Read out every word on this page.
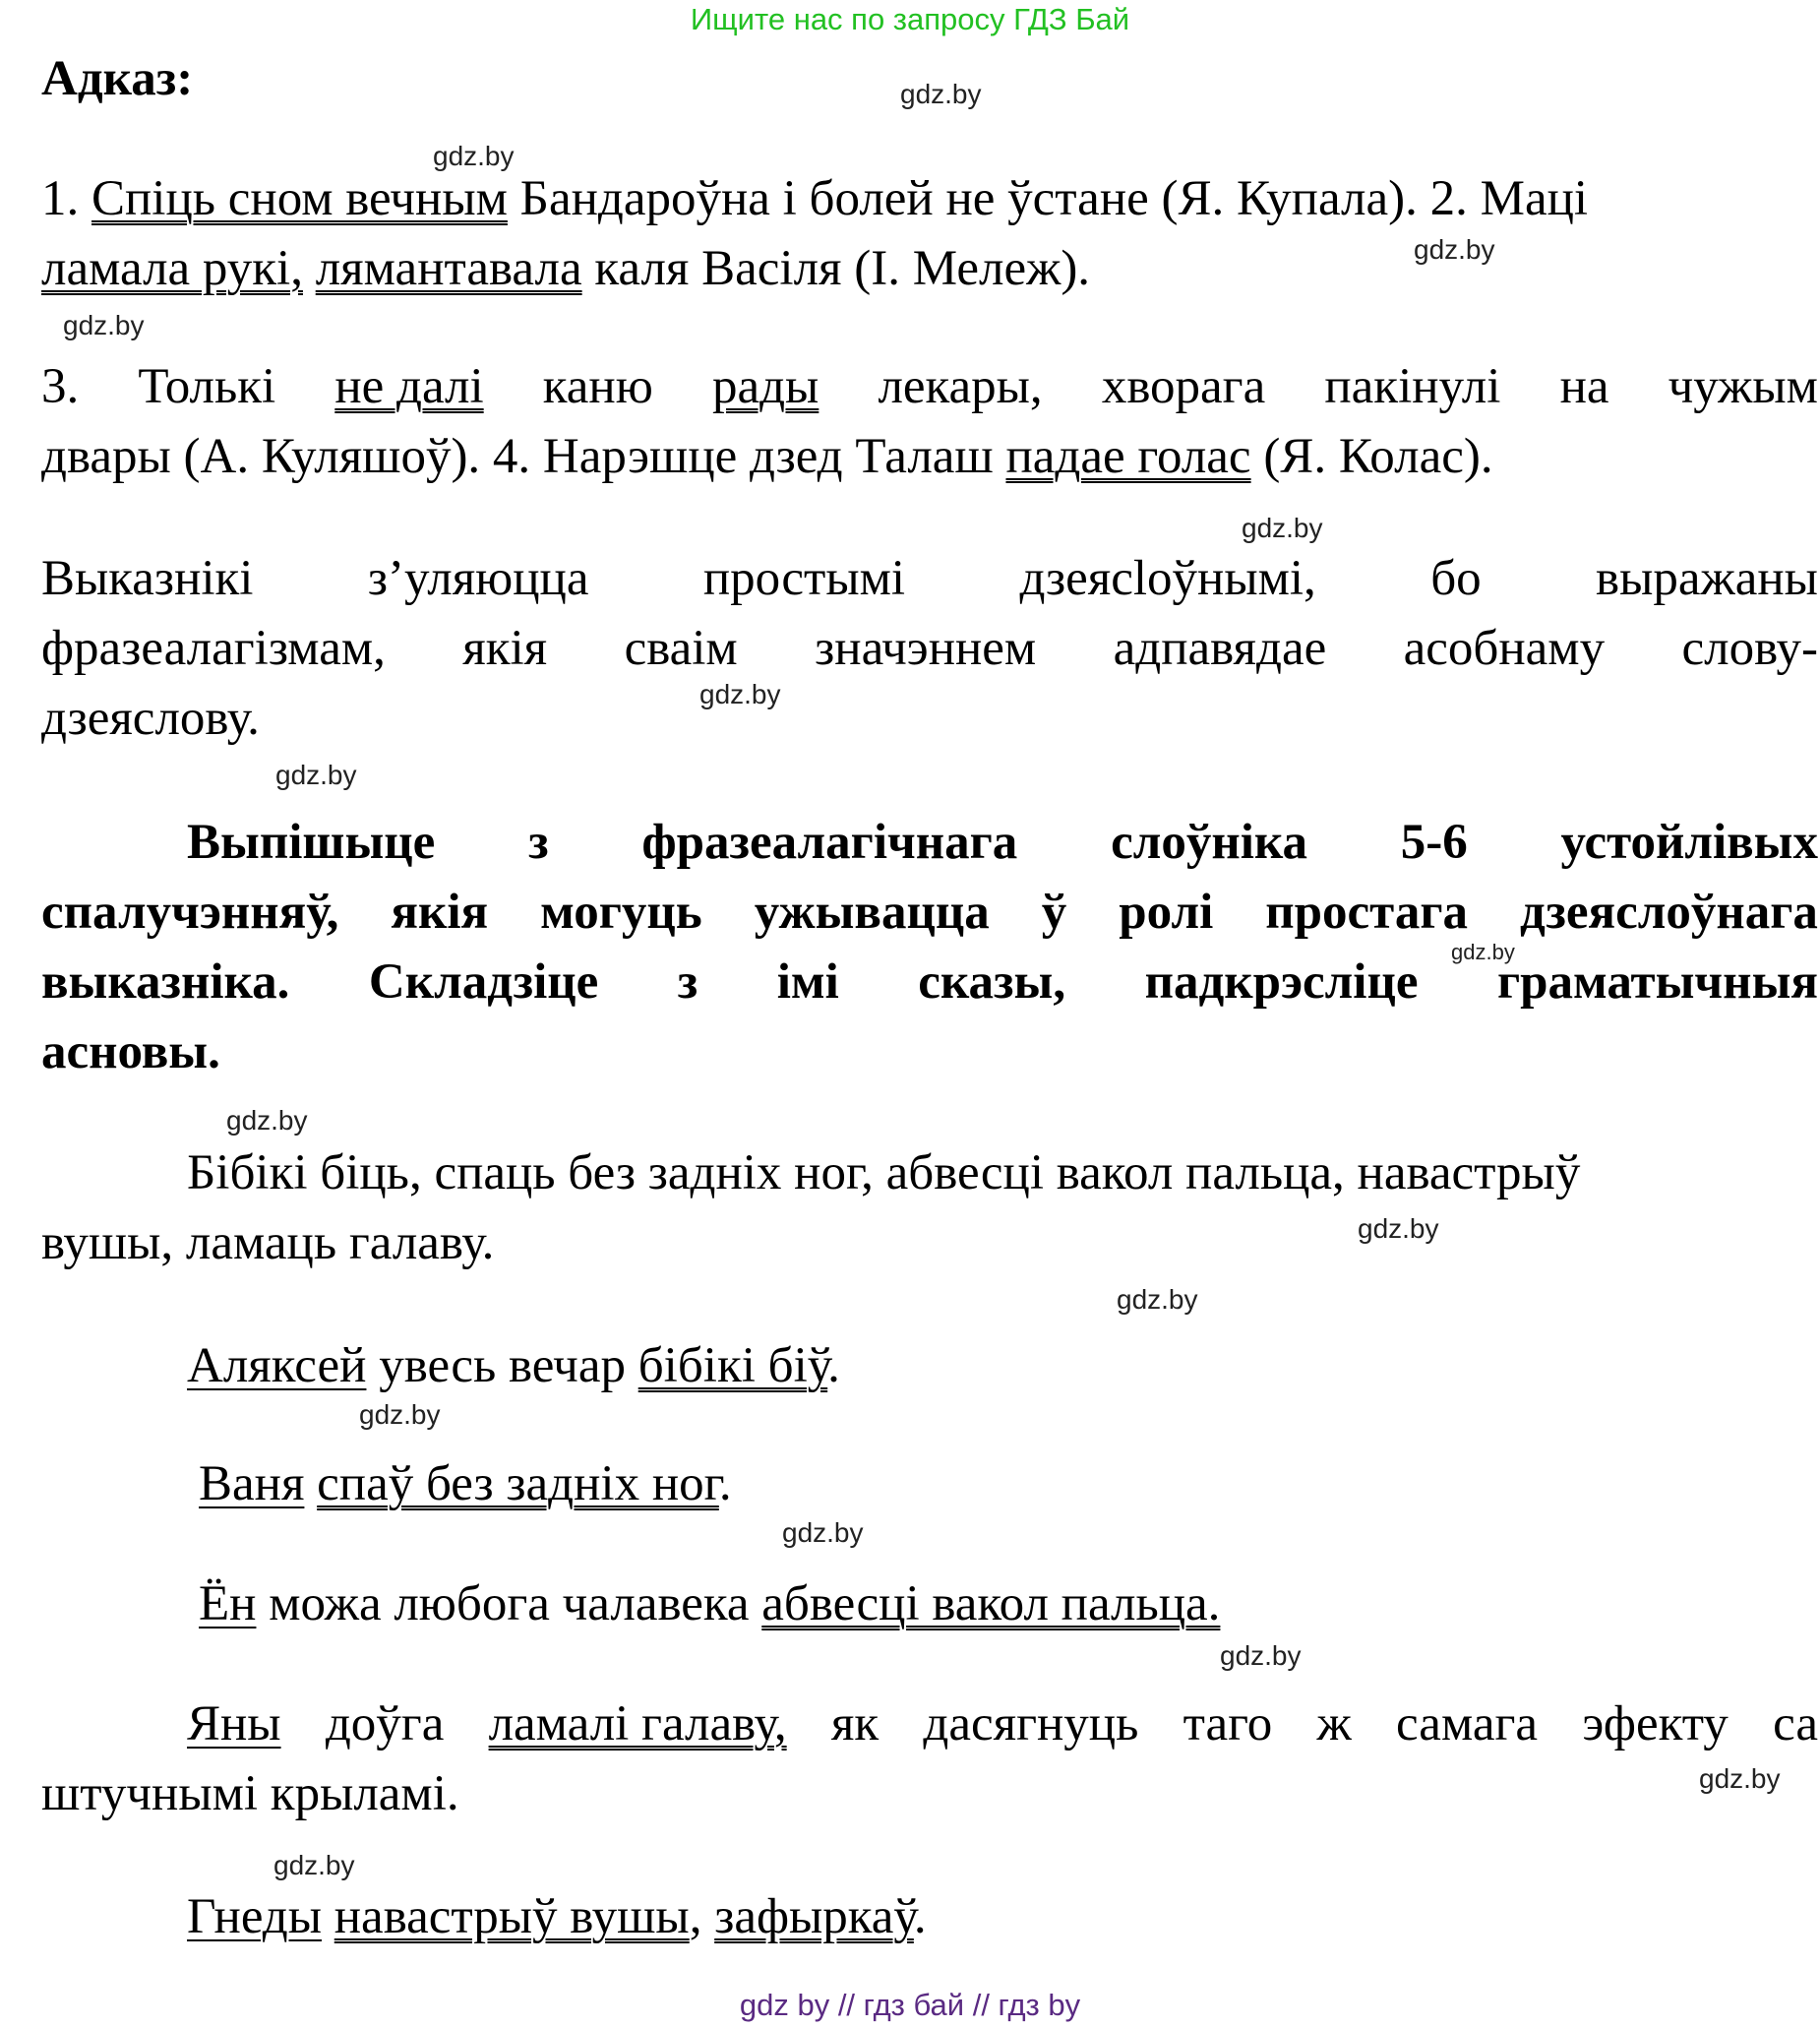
Ищите нас по запросу ГДЗ Бай
gdz.by
gdz.by
gdz.by
gdz.by
gdz.by
gdz.by
gdz.by
gdz.by
gdz.by
gdz.by
gdz.by
gdz.by
gdz.by
gdz.by
gdz.by
gdz.by
Адказ:
1. Спіць сном вечным Бандароўна і болей не ўстане (Я. Купала). 2. Маці
ламала рукі, лямантавала каля Васіля (І. Мележ).
3. Толькі не далі каню рады лекары, хворага пакінулі на чужым
двары (А. Куляшоў). 4. Нарэшце дзед Талаш падае голас (Я. Колас).
Выказнікі з’уляюцца простымі дзеясloўнымі, бо выражаны
фразеалагізмам, якія сваім значэннем адпавядае асобнаму слову-
дзеяслову.
Выпішыце з фразеалагічнага слоўніка 5-6 устойлівых
спалучэнняў, якія могуць ужывацца ў ролі простага дзеяслоўнага
выказніка. Складзіце з імі сказы, падкрэсліце граматычныя
асновы.
Бібікі біць, спаць без задніх ног, абвесці вакол пальца, навастрыў
вушы, ламаць галаву.
Аляксей увесь вечар бібікі біў.
Ваня спаў без задніх ног.
Ён можа любога чалавека абвесці вакол пальца.
Яны доўга ламалі галаву, як дасягнуць таго ж самага эфекту са
штучнымі крыламі.
Гнеды навастрыў вушы, зафыркаў.
gdz by // гдз бай // гдз by
